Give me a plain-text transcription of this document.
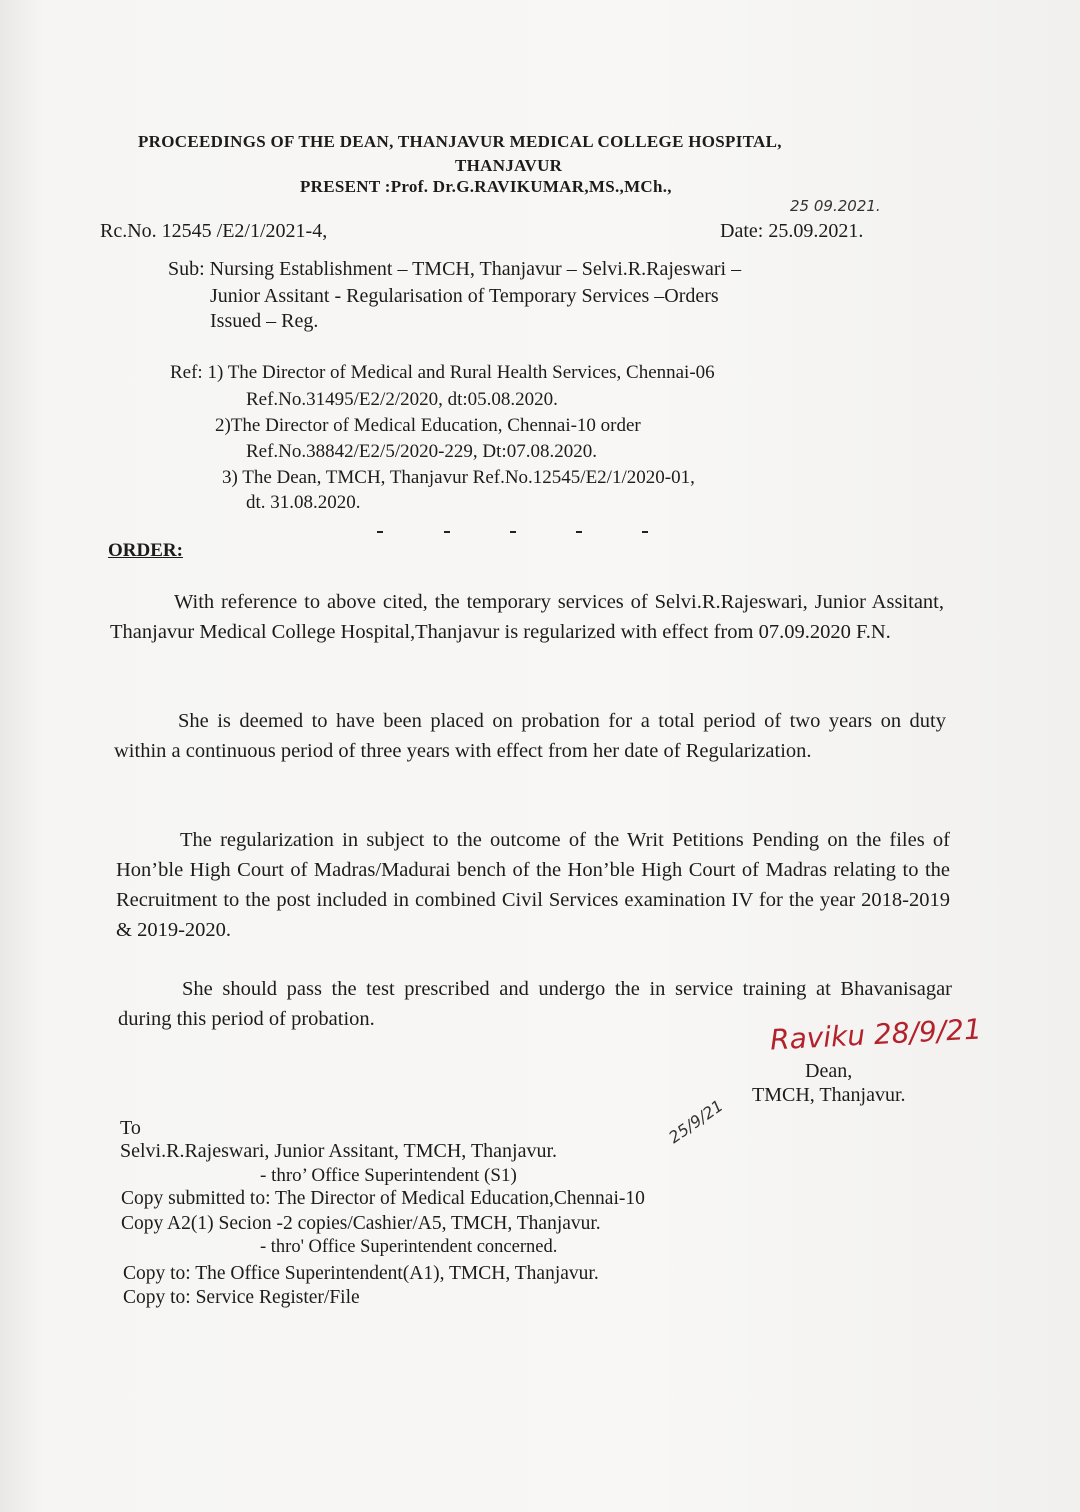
PROCEEDINGS OF THE DEAN, THANJAVUR MEDICAL COLLEGE HOSPITAL,
THANJAVUR
PRESENT :Prof. Dr.G.RAVIKUMAR,MS.,MCh.,
25 09.2021.
Rc.No. 12545 /E2/1/2021-4,	Date: 25.09.2021.
Sub: Nursing Establishment – TMCH, Thanjavur – Selvi.R.Rajeswari –
Junior Assitant - Regularisation of Temporary Services –Orders
Issued – Reg.
Ref: 1) The Director of Medical and Rural Health Services, Chennai-06
Ref.No.31495/E2/2/2020, dt:05.08.2020.
2)The Director of Medical Education, Chennai-10 order
Ref.No.38842/E2/5/2020-229, Dt:07.08.2020.
3) The Dean, TMCH, Thanjavur Ref.No.12545/E2/1/2020-01,
dt. 31.08.2020.
ORDER:
With reference to above cited, the temporary services of Selvi.R.Rajeswari, Junior Assitant, Thanjavur Medical College Hospital,Thanjavur is regularized with effect from 07.09.2020 F.N.
She is deemed to have been placed on probation for a total period of two years on duty within a continuous period of three years with effect from her date of Regularization.
The regularization in subject to the outcome of the Writ Petitions Pending on the files of Hon’ble High Court of Madras/Madurai bench of the Hon’ble High Court of Madras relating to the Recruitment to the post included in combined Civil Services examination IV for the year 2018-2019 & 2019-2020.
She should pass the test prescribed and undergo the in service training at Bhavanisagar during this period of probation.	Raviku 28/9/21
Dean,
TMCH, Thanjavur.
25/9/21
To
Selvi.R.Rajeswari, Junior Assitant, TMCH, Thanjavur.
- thro’ Office Superintendent (S1)
Copy submitted to: The Director of Medical Education,Chennai-10
Copy A2(1) Secion -2 copies/Cashier/A5, TMCH, Thanjavur.
- thro' Office Superintendent concerned.
Copy to: The Office Superintendent(A1), TMCH, Thanjavur.
Copy to: Service Register/File
